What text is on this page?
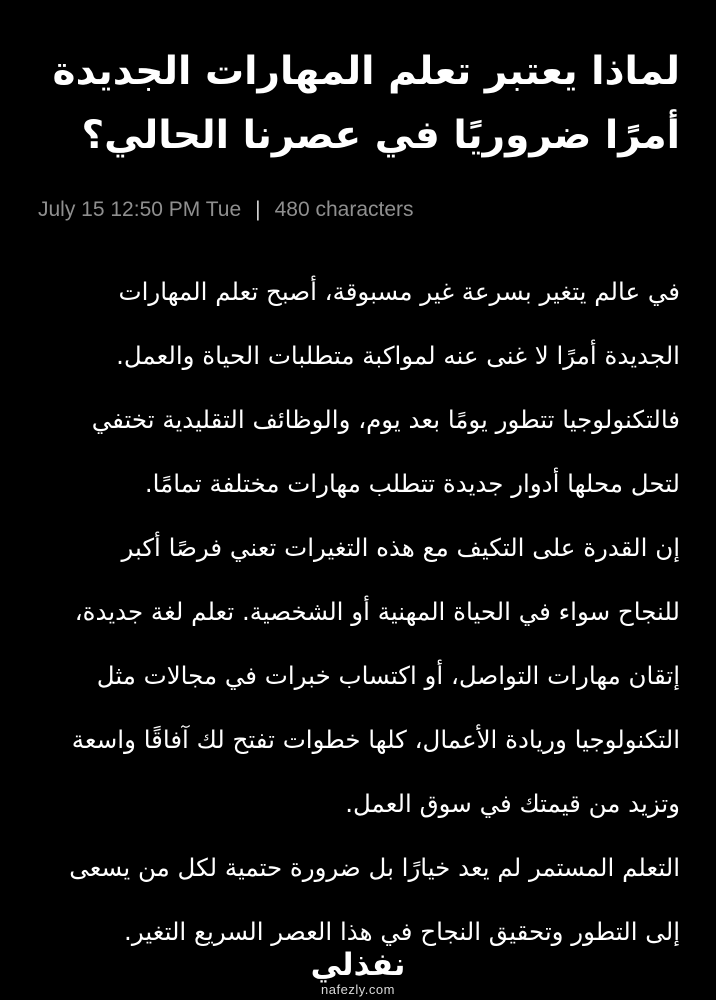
لماذا يعتبر تعلم المهارات الجديدة
أمرًا ضروريًا في عصرنا الحالي؟
July 15 12:50 PM Tue | 480 characters

في عالم يتغير بسرعة غير مسبوقة، أصبح تعلم المهارات
الجديدة أمرًا لا غنى عنه لمواكبة متطلبات الحياة والعمل.
فالتكنولوجيا تتطور يومًا بعد يوم، والوظائف التقليدية تختفي
لتحل محلها أدوار جديدة تتطلب مهارات مختلفة تمامًا.

إن القدرة على التكيف مع هذه التغيرات تعني فرصًا أكبر
للنجاح سواء في الحياة المهنية أو الشخصية. تعلم لغة جديدة،
إتقان مهارات التواصل، أو اكتساب خبرات في مجالات مثل
التكنولوجيا وريادة الأعمال، كلها خطوات تفتح لك آفاقًا واسعة
وتزيد من قيمتك في سوق العمل.

التعلم المستمر لم يعد خيارًا بل ضرورة حتمية لكل من يسعى
إلى التطور وتحقيق النجاح في هذا العصر السريع التغير.

نفذلي
nafezly.com
